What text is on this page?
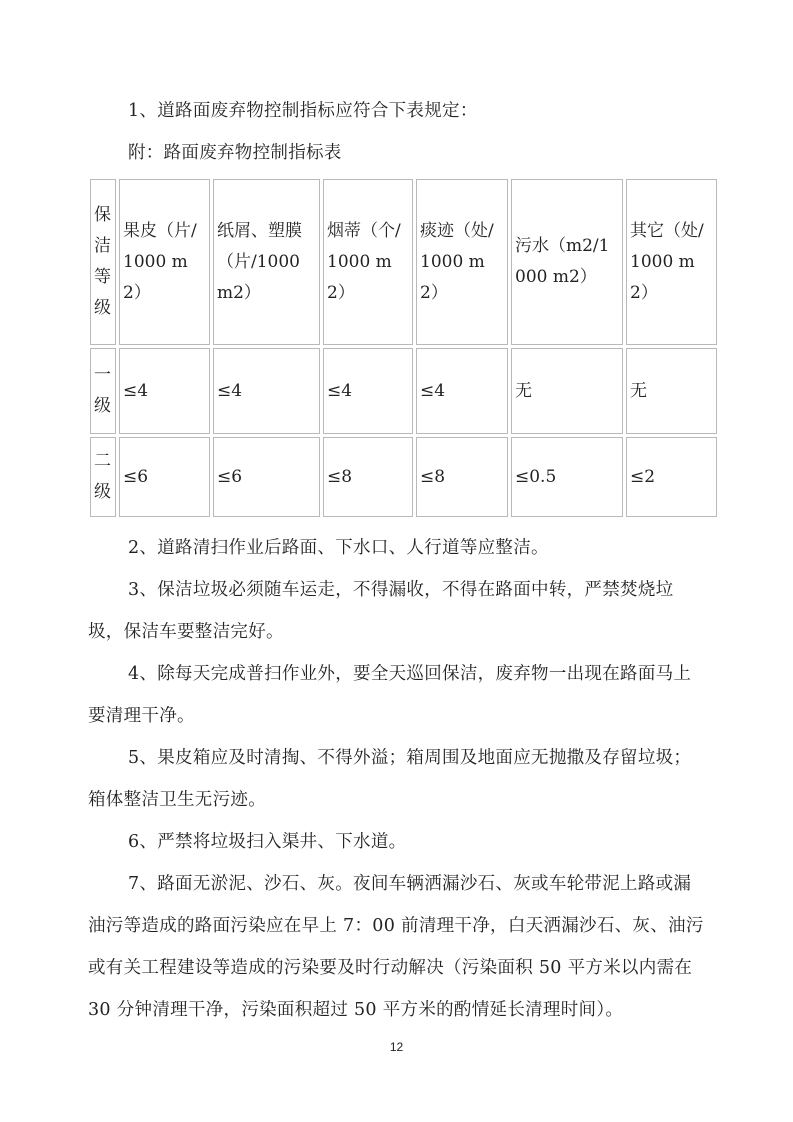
1、道路面废弃物控制指标应符合下表规定：

附：路面废弃物控制指标表

保洁等级	果皮（片/1000 m2）	纸屑、塑膜（片/1000 m2）	烟蒂（个/1000 m2）	痰迹（处/1000 m2）	污水（m2/1000 m2）	其它（处/1000 m2）
一级	≤4	≤4	≤4	≤4	无	无
二级	≤6	≤6	≤8	≤8	≤0.5	≤2

2、道路清扫作业后路面、下水口、人行道等应整洁。

3、保洁垃圾必须随车运走，不得漏收，不得在路面中转，严禁焚烧垃圾，保洁车要整洁完好。

4、除每天完成普扫作业外，要全天巡回保洁，废弃物一出现在路面马上要清理干净。

5、果皮箱应及时清掏、不得外溢；箱周围及地面应无抛撒及存留垃圾；箱体整洁卫生无污迹。

6、严禁将垃圾扫入渠井、下水道。

7、路面无淤泥、沙石、灰。夜间车辆洒漏沙石、灰或车轮带泥上路或漏油污等造成的路面污染应在早上 7：00 前清理干净，白天洒漏沙石、灰、油污或有关工程建设等造成的污染要及时行动解决（污染面积 50 平方米以内需在 30 分钟清理干净，污染面积超过 50 平方米的酌情延长清理时间）。

12
